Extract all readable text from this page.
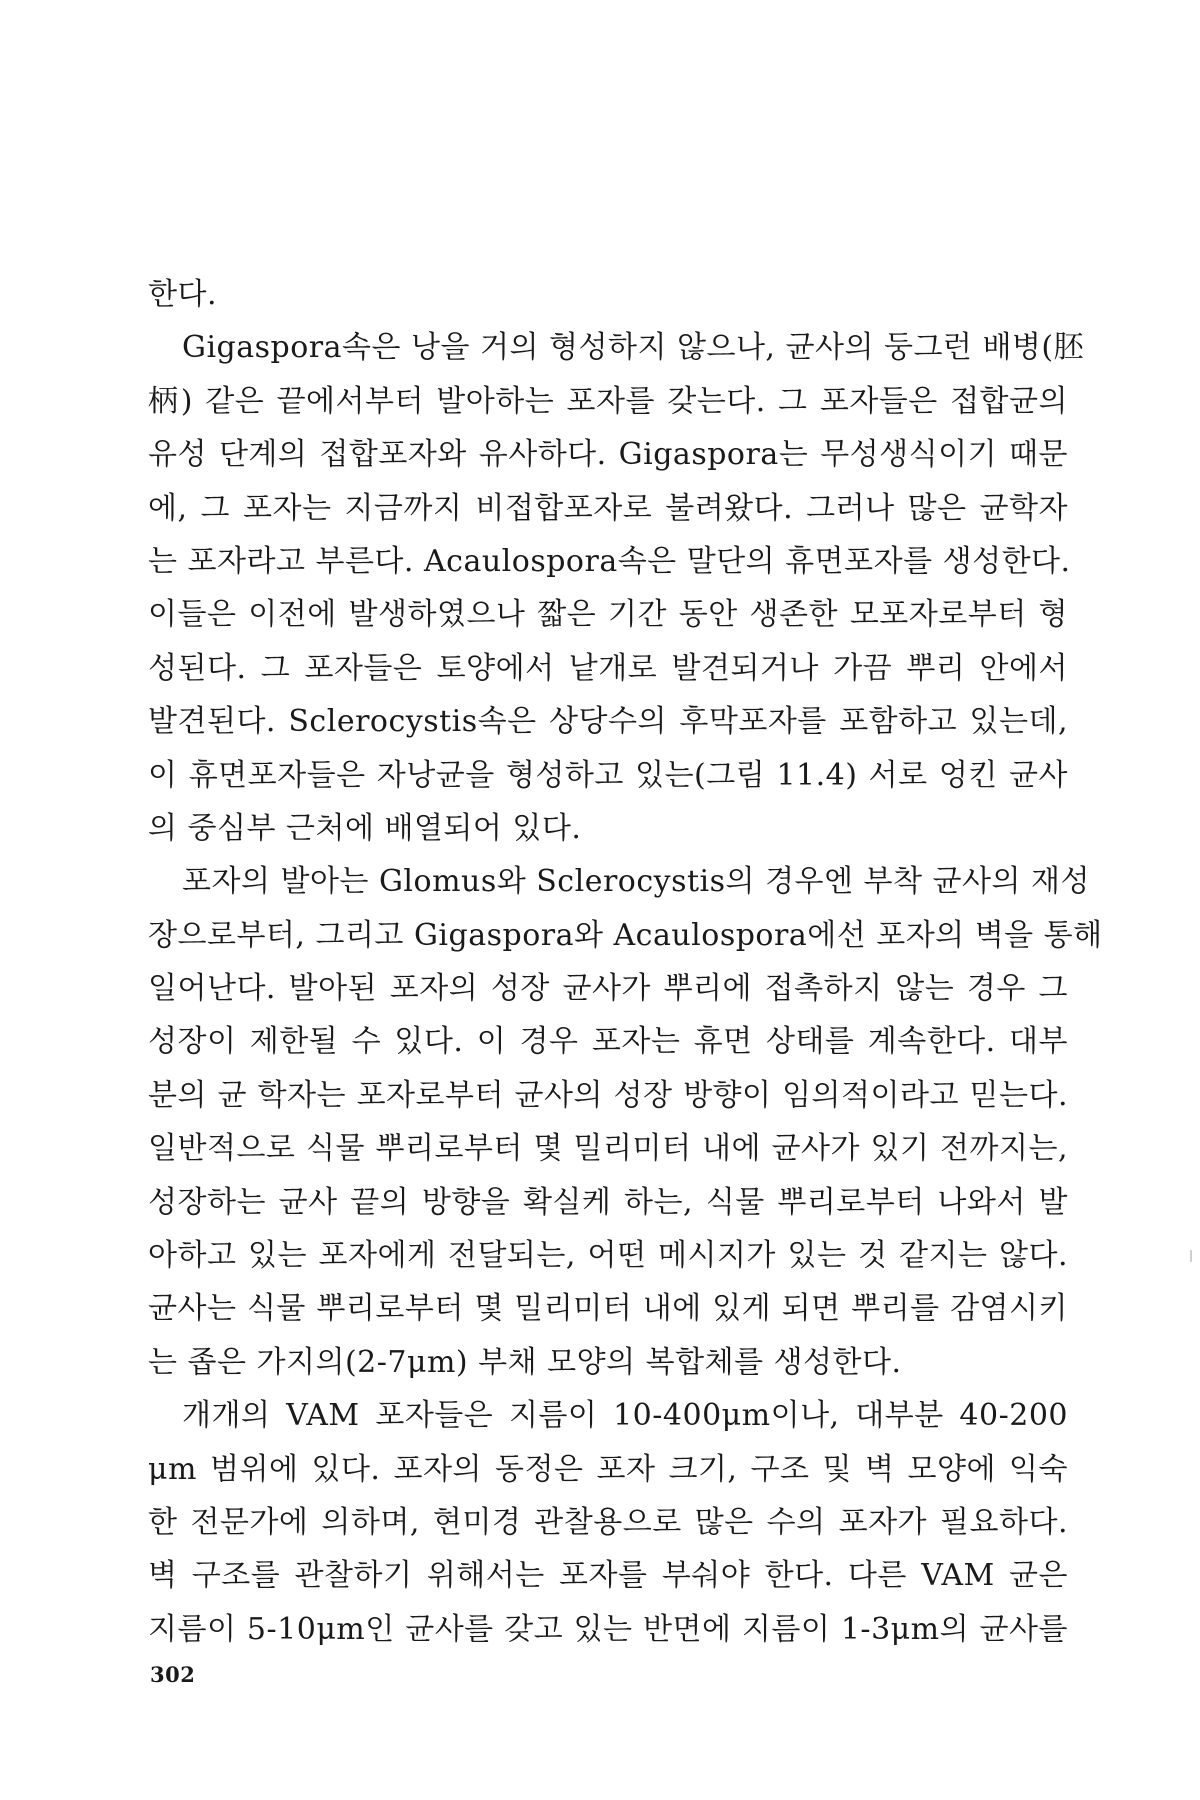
한다.
Gigaspora속은 낭을 거의 형성하지 않으나, 균사의 둥그런 배병(胚
柄) 같은 끝에서부터 발아하는 포자를 갖는다. 그 포자들은 접합균의
유성 단계의 접합포자와 유사하다. Gigaspora는 무성생식이기 때문
에, 그 포자는 지금까지 비접합포자로 불려왔다. 그러나 많은 균학자
는 포자라고 부른다. Acaulospora속은 말단의 휴면포자를 생성한다.
이들은 이전에 발생하였으나 짧은 기간 동안 생존한 모포자로부터 형
성된다. 그 포자들은 토양에서 낱개로 발견되거나 가끔 뿌리 안에서
발견된다. Sclerocystis속은 상당수의 후막포자를 포함하고 있는데,
이 휴면포자들은 자낭균을 형성하고 있는(그림 11.4) 서로 엉킨 균사
의 중심부 근처에 배열되어 있다.
포자의 발아는 Glomus와 Sclerocystis의 경우엔 부착 균사의 재성
장으로부터, 그리고 Gigaspora와 Acaulospora에선 포자의 벽을 통해
일어난다. 발아된 포자의 성장 균사가 뿌리에 접촉하지 않는 경우 그
성장이 제한될 수 있다. 이 경우 포자는 휴면 상태를 계속한다. 대부
분의 균 학자는 포자로부터 균사의 성장 방향이 임의적이라고 믿는다.
일반적으로 식물 뿌리로부터 몇 밀리미터 내에 균사가 있기 전까지는,
성장하는 균사 끝의 방향을 확실케 하는, 식물 뿌리로부터 나와서 발
아하고 있는 포자에게 전달되는, 어떤 메시지가 있는 것 같지는 않다.
균사는 식물 뿌리로부터 몇 밀리미터 내에 있게 되면 뿌리를 감염시키
는 좁은 가지의(2-7μm) 부채 모양의 복합체를 생성한다.
개개의 VAM 포자들은 지름이 10-400μm이나, 대부분 40-200
μm 범위에 있다. 포자의 동정은 포자 크기, 구조 및 벽 모양에 익숙
한 전문가에 의하며, 현미경 관찰용으로 많은 수의 포자가 필요하다.
벽 구조를 관찰하기 위해서는 포자를 부숴야 한다. 다른 VAM 균은
지름이 5-10μm인 균사를 갖고 있는 반면에 지름이 1-3μm의 균사를
302
